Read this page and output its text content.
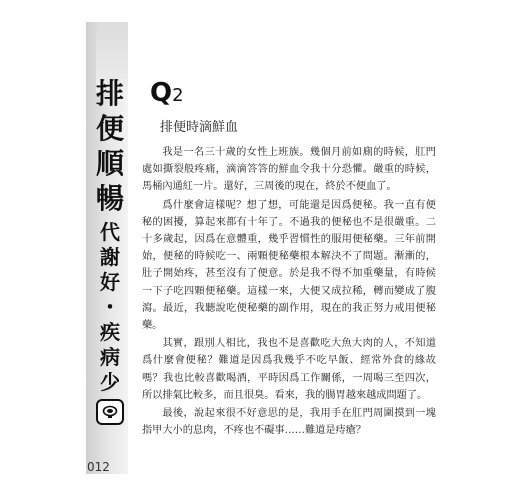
排
便
順
暢
代
謝
好
・
疾
病
少
Q2
排便時滴鮮血

我是一名三十歲的女性上班族。幾個月前如廁的時候，肛門處如撕裂般疼痛，滴滴答答的鮮血令我十分恐懼。嚴重的時候，馬桶內通紅一片。還好，三周後的現在，終於不便血了。

爲什麼會這樣呢？想了想，可能還是因爲便秘。我一直有便秘的困擾，算起來都有十年了。不過我的便秘也不是很嚴重。二十多歲起，因爲在意體重，幾乎習慣性的服用便秘藥。三年前開始，便秘的時候吃一、兩顆便秘藥根本解決不了問題。漸漸的，肚子開始疼，甚至沒有了便意。於是我不得不加重藥量，有時候一下子吃四顆便秘藥。這樣一來，大便又成拉稀，轉而變成了腹瀉。最近，我聽說吃便秘藥的副作用，現在的我正努力戒用便秘藥。

其實，跟別人相比，我也不是喜歡吃大魚大肉的人，不知道爲什麼會便秘？難道是因爲我幾乎不吃早飯、經常外食的緣故嗎？我也比較喜歡喝酒，平時因爲工作關係，一周喝三至四次，所以排氣比較多，而且很臭。看來，我的腸胃越來越成問題了。

最後，說起來很不好意思的是，我用手在肛門周圍摸到一塊指甲大小的息肉，不疼也不礙事……難道是痔瘡？

012
